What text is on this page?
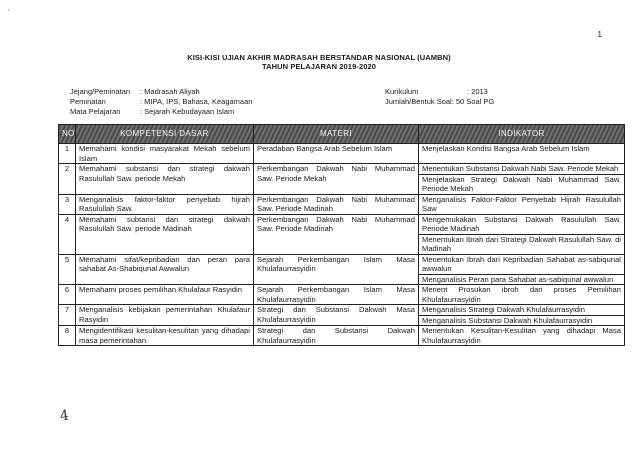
'
1
KISI-KISI UJIAN AKHIR MADRASAH BERSTANDAR NASIONAL (UAMBN)
TAHUN PELAJARAN 2019-2020
Jejang/Peminatan	: Madrasah Aliyah
Peminatan	: MIPA, IPS, Bahasa, Keagamaan
Mata Pelajaran	: Sejarah Kebudayaan Islam
Kurikulum	: 2013
Jumlah/Bentuk Soal: 50 Soal PG
NO	KOMPETENSI DASAR	MATERI	INDIKATOR
1	Memahami kondisi masyarakat Mekah sebelum Islam	Peradaban Bangsa Arab Sebelum Islam	Menjelaskan Kondisi Bangsa Arab Sebelum Islam
2	Memahami substansi dan strategi dakwah Rasulullah Saw. periode Mekah	Perkembangan Dakwah Nabi Muhammad Saw. Periode Mekah	Menentukan Substansi Dakwah Nabi Saw. Periode Mekah
			Menjelaskan Strategi Dakwah Nabi Muhammad Saw. Periode Mekah
3	Menganalisis faktor-faktor penyebab hijrah Rasulullah Saw.	Perkembangan Dakwah Nabi Muhammad Saw. Periode Madinah	Menganalisis Faktor-Faktor Penyebab Hijrah Rasulullah Saw
4	Memahami subtansi dan strategi dakwah Rasulullah Saw. periode Madinah	Perkembangan Dakwah Nabi Muhammad Saw. Periode Madinah	Mengemukakan Substansi Dakwah Rasulullah Saw. Periode Madinah
			Menentukan Ibrah dari Strategi Dakwah Rasulullah Saw. di Madinah
5	Memahami sifat/kepribadian dan peran para sahabat As-Shabiqunal Awwalun	Sejarah Perkembangan Islam Masa Khulafaurrasyidin	Menentukan Ibrah dari Kepribadian Sahabat as-sabiqunal awwalun
			Menganalisis Peran para Sahabat as-sabiqunal awwalun
6	Memahami proses pemilihan Khulafaur Rasyidin	Sejarah Perkembangan Islam Masa Khulafaurrasyidin	Menent Prosukan ibroh dari proses Pemilihan Khulafaurrasyidin
7	Menganalisis kebijakan pemerintahan Khulafaur Rasyidin	Strategi dan Substansi Dakwah Masa Khulafaurrasyidin	Menganalisis Strategi Dakwah Khulafaurrasyidin
			Menganalisis Substansi Dakwah Khulafaurrasyidin
8	Mengidentifikasi kesulitan-kesulitan yang dihadapi masa pemerintahan	Strategi dan Substansi Dakwah Khulafaurrasyidin	Menentukan Kesulitan-Kesulitan yang dihadapi Masa Khulafaurrasyidin
4
